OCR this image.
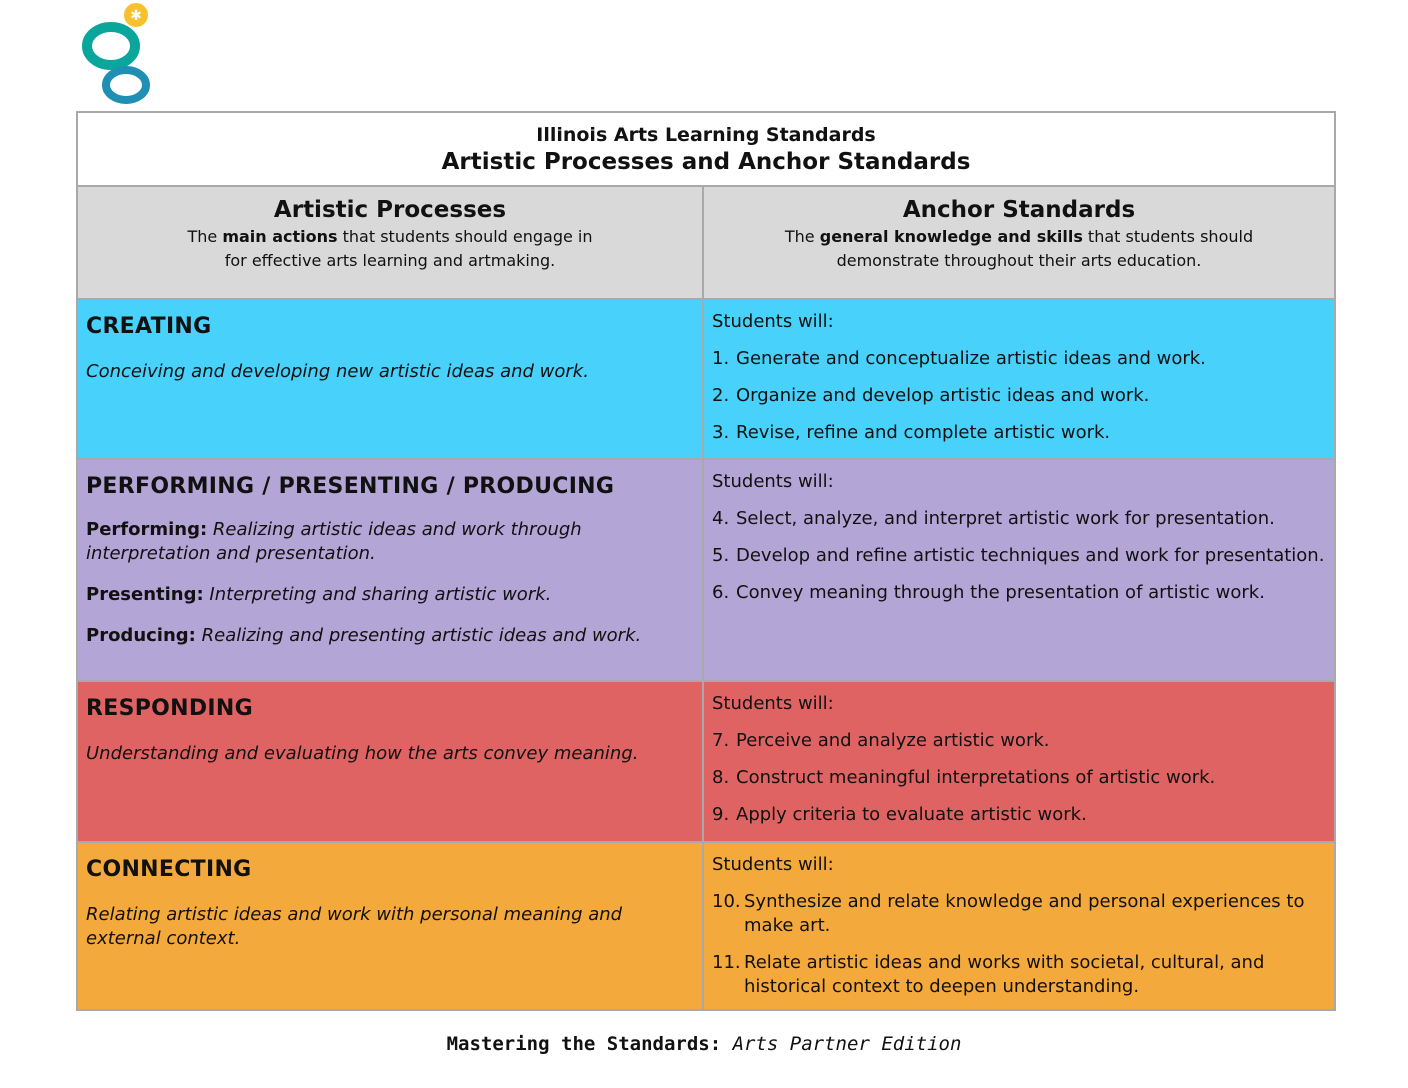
✱
Illinois Arts Learning Standards
Artistic Processes and Anchor Standards
Artistic Processes
The main actions that students should engage in
for effective arts learning and artmaking.
Anchor Standards
The general knowledge and skills that students should
demonstrate throughout their arts education.
CREATING
Conceiving and developing new artistic ideas and work.
Students will:
1. Generate and conceptualize artistic ideas and work.
2. Organize and develop artistic ideas and work.
3. Revise, refine and complete artistic work.
PERFORMING / PRESENTING / PRODUCING
Performing: Realizing artistic ideas and work through interpretation and presentation.
Presenting: Interpreting and sharing artistic work.
Producing: Realizing and presenting artistic ideas and work.
Students will:
4. Select, analyze, and interpret artistic work for presentation.
5. Develop and refine artistic techniques and work for presentation.
6. Convey meaning through the presentation of artistic work.
RESPONDING
Understanding and evaluating how the arts convey meaning.
Students will:
7. Perceive and analyze artistic work.
8. Construct meaningful interpretations of artistic work.
9. Apply criteria to evaluate artistic work.
CONNECTING
Relating artistic ideas and work with personal meaning and external context.
Students will:
10. Synthesize and relate knowledge and personal experiences to make art.
11. Relate artistic ideas and works with societal, cultural, and historical context to deepen understanding.
Mastering the Standards: Arts Partner Edition
